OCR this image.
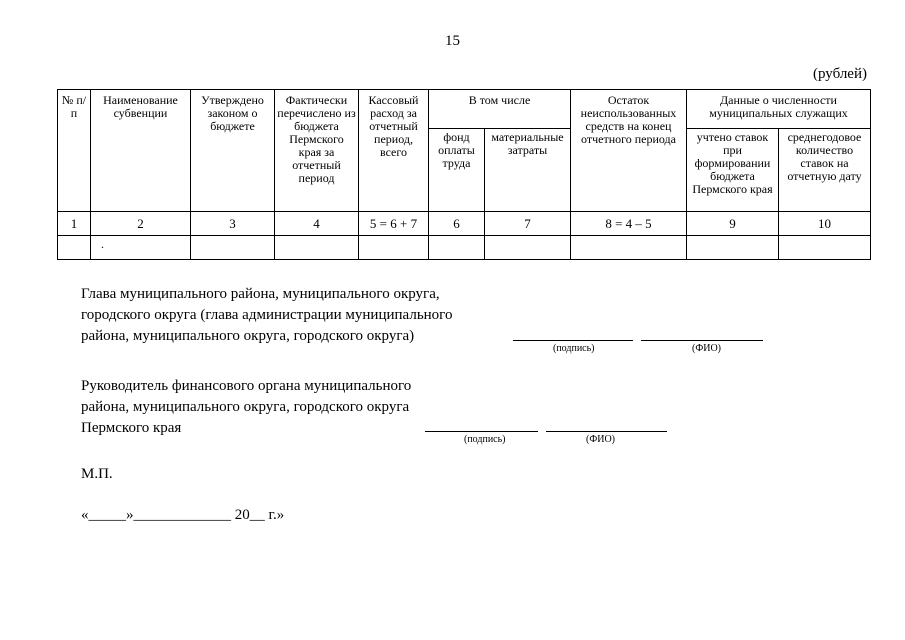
15
(рублей)
№ п/п	Наименование субвенции	Утверждено законом о бюджете	Фактически перечислено из бюджета Пермского края за отчетный период	Кассовый расход за отчетный период, всего	В том числе		Остаток неиспользованных средств на конец отчетного периода	Данные о численности муниципальных служащих	
					фонд оплаты труда	материальные затраты		учтено ставок при формировании бюджета Пермского края	среднегодовое количество ставок на отчетную дату
1	2	3	4	5 = 6 + 7	6	7	8 = 4 – 5	9	10
	.								
Глава муниципального района, муниципального округа,
городского округа (глава администрации муниципального
района, муниципального округа, городского округа)
(подпись)	(ФИО)
Руководитель финансового органа муниципального
района, муниципального округа, городского округа
Пермского края
(подпись)	(ФИО)
М.П.
«_____»_____________ 20__ г.»
